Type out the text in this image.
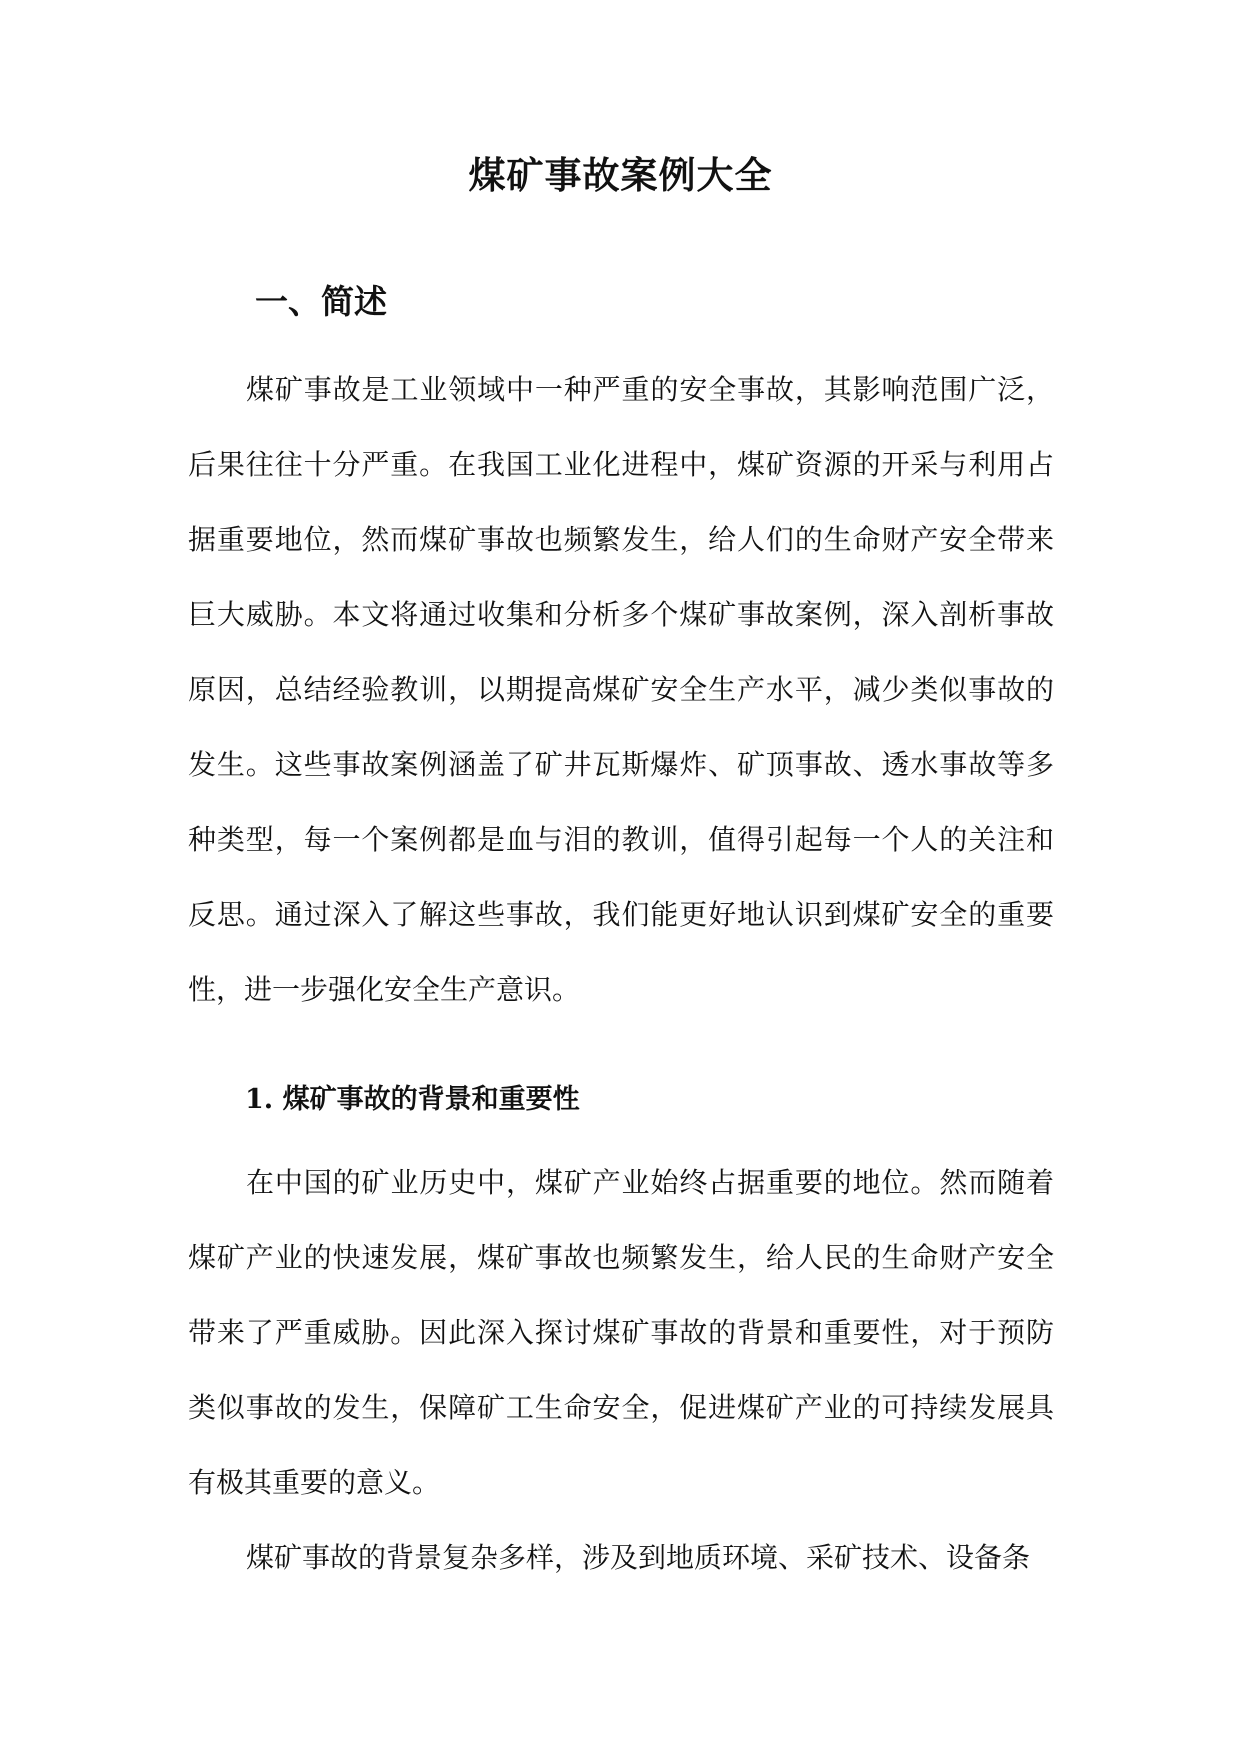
煤矿事故案例大全
一、简述

煤矿事故是工业领域中一种严重的安全事故，其影响范围广泛，后果往往十分严重。在我国工业化进程中，煤矿资源的开采与利用占据重要地位，然而煤矿事故也频繁发生，给人们的生命财产安全带来巨大威胁。本文将通过收集和分析多个煤矿事故案例，深入剖析事故原因，总结经验教训，以期提高煤矿安全生产水平，减少类似事故的发生。这些事故案例涵盖了矿井瓦斯爆炸、矿顶事故、透水事故等多种类型，每一个案例都是血与泪的教训，值得引起每一个人的关注和反思。通过深入了解这些事故，我们能更好地认识到煤矿安全的重要性，进一步强化安全生产意识。

1. 煤矿事故的背景和重要性

在中国的矿业历史中，煤矿产业始终占据重要的地位。然而随着煤矿产业的快速发展，煤矿事故也频繁发生，给人民的生命财产安全带来了严重威胁。因此深入探讨煤矿事故的背景和重要性，对于预防类似事故的发生，保障矿工生命安全，促进煤矿产业的可持续发展具有极其重要的意义。

煤矿事故的背景复杂多样，涉及到地质环境、采矿技术、设备条
